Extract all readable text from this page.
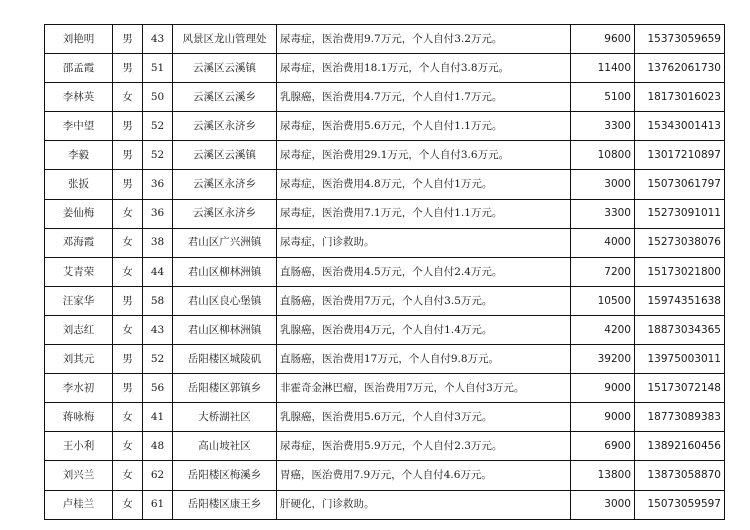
刘艳明	男	43	风景区龙山管理处	尿毒症，医治费用9.7万元，个人自付3.2万元。	9600	15373059659
邵孟霞	男	51	云溪区云溪镇	尿毒症，医治费用18.1万元，个人自付3.8万元。	11400	13762061730
李林英	女	50	云溪区云溪乡	乳腺癌，医治费用4.7万元，个人自付1.7万元。	5100	18173016023
李中望	男	52	云溪区永济乡	尿毒症，医治费用5.6万元，个人自付1.1万元。	3300	15343001413
李毅	男	52	云溪区云溪镇	尿毒症，医治费用29.1万元，个人自付3.6万元。	10800	13017210897
张扳	男	36	云溪区永济乡	尿毒症，医治费用4.8万元，个人自付1万元。	3000	15073061797
姜仙梅	女	36	云溪区永济乡	尿毒症，医治费用7.1万元，个人自付1.1万元。	3300	15273091011
邓海霞	女	38	君山区广兴洲镇	尿毒症，门诊救助。	4000	15273038076
艾青荣	女	44	君山区柳林洲镇	直肠癌，医治费用4.5万元，个人自付2.4万元。	7200	15173021800
汪家华	男	58	君山区良心堡镇	直肠癌，医治费用7万元，个人自付3.5万元。	10500	15974351638
刘志红	女	43	君山区柳林洲镇	乳腺癌，医治费用4万元，个人自付1.4万元。	4200	18873034365
刘其元	男	52	岳阳楼区城陵矶	直肠癌，医治费用17万元，个人自付9.8万元。	39200	13975003011
李水初	男	56	岳阳楼区郭镇乡	非霍奇金淋巴瘤，医治费用7万元，个人自付3万元。	9000	15173072148
蒋咏梅	女	41	大桥湖社区	乳腺癌，医治费用5.6万元，个人自付3万元。	9000	18773089383
王小利	女	48	高山坡社区	尿毒症，医治费用5.9万元，个人自付2.3万元。	6900	13892160456
刘兴兰	女	62	岳阳楼区梅溪乡	胃癌，医治费用7.9万元，个人自付4.6万元。	13800	13873058870
卢桂兰	女	61	岳阳楼区康王乡	肝硬化，门诊救助。	3000	15073059597
